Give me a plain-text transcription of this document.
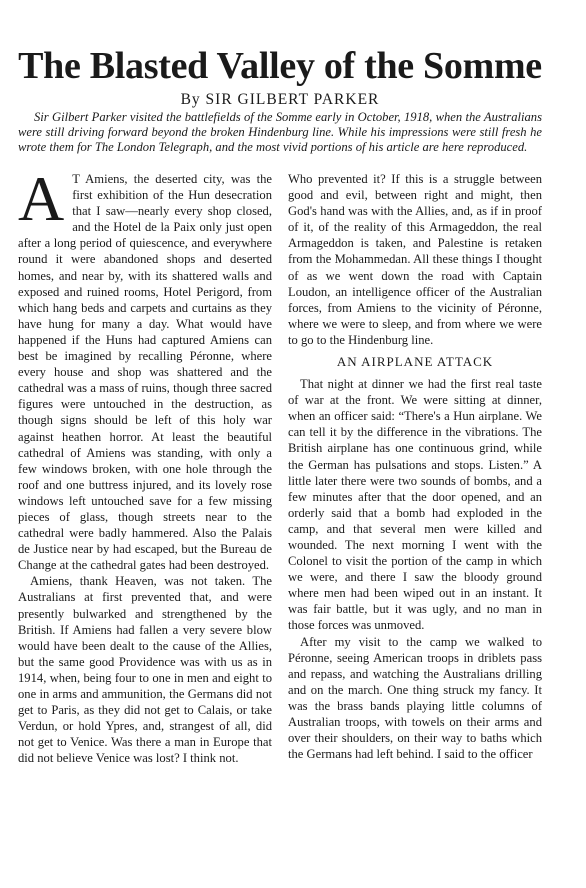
The Blasted Valley of the Somme
By SIR GILBERT PARKER

Sir Gilbert Parker visited the battlefields of the Somme early in October, 1918, when the Australians were still driving forward beyond the broken Hindenburg line. While his impressions were still fresh he wrote them for The London Telegraph, and the most vivid portions of his article are here reproduced.

A T Amiens, the deserted city, was the first exhibition of the Hun desecration that I saw—nearly every shop closed, and the Hotel de la Paix only just open after a long period of quiescence, and everywhere round it were abandoned shops and deserted homes, and near by, with its shattered walls and exposed and ruined rooms, Hotel Perigord, from which hang beds and carpets and curtains as they have hung for many a day. What would have happened if the Huns had captured Amiens can best be imagined by recalling Péronne, where every house and shop was shattered and the cathedral was a mass of ruins, though three sacred figures were untouched in the destruction, as though signs should be left of this holy war against heathen horror. At least the beautiful cathedral of Amiens was standing, with only a few windows broken, with one hole through the roof and one buttress injured, and its lovely rose windows left untouched save for a few missing pieces of glass, though streets near to the cathedral were badly hammered. Also the Palais de Justice near by had escaped, but the Bureau de Change at the cathedral gates had been destroyed.

Amiens, thank Heaven, was not taken. The Australians at first prevented that, and were presently bulwarked and strengthened by the British. If Amiens had fallen a very severe blow would have been dealt to the cause of the Allies, but the same good Providence was with us as in 1914, when, being four to one in men and eight to one in arms and ammunition, the Germans did not get to Paris, as they did not get to Calais, or take Verdun, or hold Ypres, and, strangest of all, did not get to Venice. Was there a man in Europe that did not believe Venice was lost? I think not.

Who prevented it? If this is a struggle between good and evil, between right and might, then God's hand was with the Allies, and, as if in proof of it, of the reality of this Armageddon, the real Armageddon is taken, and Palestine is retaken from the Mohammedan. All these things I thought of as we went down the road with Captain Loudon, an intelligence officer of the Australian forces, from Amiens to the vicinity of Péronne, where we were to sleep, and from where we were to go to the Hindenburg line.

AN AIRPLANE ATTACK

That night at dinner we had the first real taste of war at the front. We were sitting at dinner, when an officer said: “There's a Hun airplane. We can tell it by the difference in the vibrations. The British airplane has one continuous grind, while the German has pulsations and stops. Listen.” A little later there were two sounds of bombs, and a few minutes after that the door opened, and an orderly said that a bomb had exploded in the camp, and that several men were killed and wounded. The next morning I went with the Colonel to visit the portion of the camp in which we were, and there I saw the bloody ground where men had been wiped out in an instant. It was fair battle, but it was ugly, and no man in those forces was unmoved.

After my visit to the camp we walked to Péronne, seeing American troops in driblets pass and repass, and watching the Australians drilling and on the march. One thing struck my fancy. It was the brass bands playing little columns of Australian troops, with towels on their arms and over their shoulders, on their way to baths which the Germans had left behind. I said to the officer
